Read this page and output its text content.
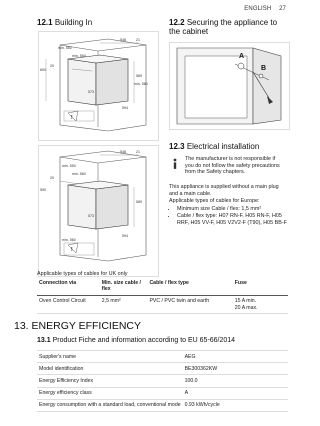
ENGLISH 27
12.1 Building In
!
548	21
600
min. 550
20
min. 560
573
589
594
min. 560
!
548	21
min. 550
20
min. 560
590
min. 560
573
589
594
12.2 Securing the appliance to the cabinet
A
B
12.3 Electrical installation
The manufacturer is not responsible if you do not follow the safety precautions from the Safety chapters.
This appliance is supplied without a main plug and a main cable.
Applicable types of cables for Europe:
• Minimum size Cable / flex: 1,5 mm²
• Cable / flex type: H07 RN-F, H05 RN-F, H05 RRF, H05 VV-F, H05 V2V2-F (T90), H05 BB-F
Applicable types of cables for UK only
Connection via	Min. size cable / flex	Cable / flex type	Fuse
Oven Control Circuit	2,5 mm²	PVC / PVC twin and earth	15 A min.
20 A max.
13. ENERGY EFFICIENCY
13.1 Product Fiche and information according to EU 65-66/2014
Supplier's name	AEG
Model identification	BE300362KW
Energy Efficiency Index	100.0
Energy efficiency class	A
Energy consumption with a standard load, conventional mode	0.93 kWh/cycle
